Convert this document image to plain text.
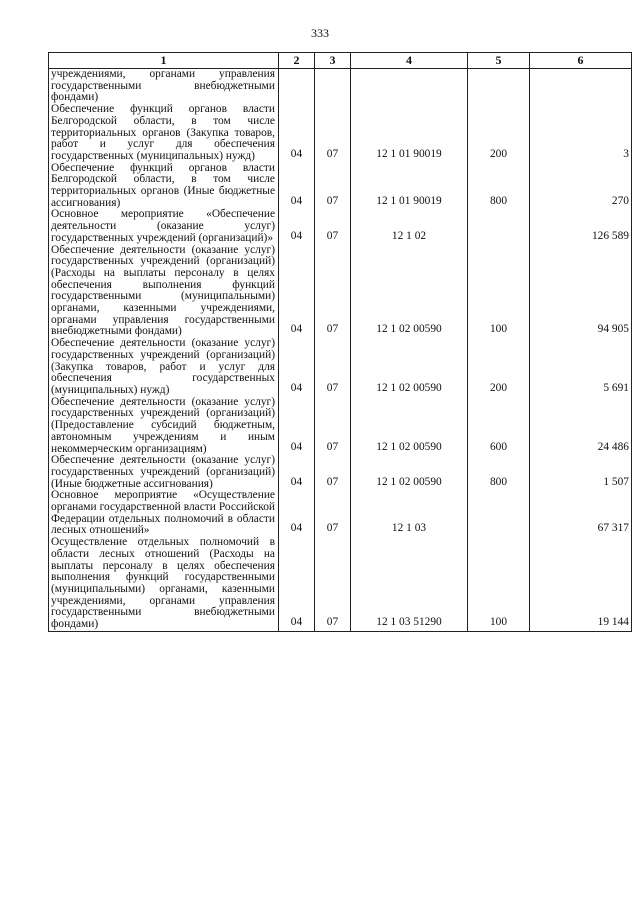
333
1	2	3	4	5	6
учреждениями, органами управления государственными внебюджетными фондами)					
Обеспечение функций органов власти Белгородской области, в том числе территориальных органов (Закупка товаров, работ и услуг для обеспечения государственных (муниципальных) нужд)	04	07	12 1 01 90019	200	3
Обеспечение функций органов власти Белгородской области, в том числе территориальных органов (Иные бюджетные ассигнования)	04	07	12 1 01 90019	800	270
Основное мероприятие «Обеспечение деятельности (оказание услуг) государственных учреждений (организаций)»	04	07	12 1 02		126 589
Обеспечение деятельности (оказание услуг) государственных учреждений (организаций) (Расходы на выплаты персоналу в целях обеспечения выполнения функций государственными (муниципальными) органами, казенными учреждениями, органами управления государственными внебюджетными фондами)	04	07	12 1 02 00590	100	94 905
Обеспечение деятельности (оказание услуг) государственных учреждений (организаций) (Закупка товаров, работ и услуг для обеспечения государственных (муниципальных) нужд)	04	07	12 1 02 00590	200	5 691
Обеспечение деятельности (оказание услуг) государственных учреждений (организаций) (Предоставление субсидий бюджетным, автономным учреждениям и иным некоммерческим организациям)	04	07	12 1 02 00590	600	24 486
Обеспечение деятельности (оказание услуг) государственных учреждений (организаций) (Иные бюджетные ассигнования)	04	07	12 1 02 00590	800	1 507
Основное мероприятие «Осуществление органами государственной власти Российской Федерации отдельных полномочий в области лесных отношений»	04	07	12 1 03		67 317
Осуществление отдельных полномочий в области лесных отношений (Расходы на выплаты персоналу в целях обеспечения выполнения функций государственными (муниципальными) органами, казенными учреждениями, органами управления государственными внебюджетными фондами)	04	07	12 1 03 51290	100	19 144
